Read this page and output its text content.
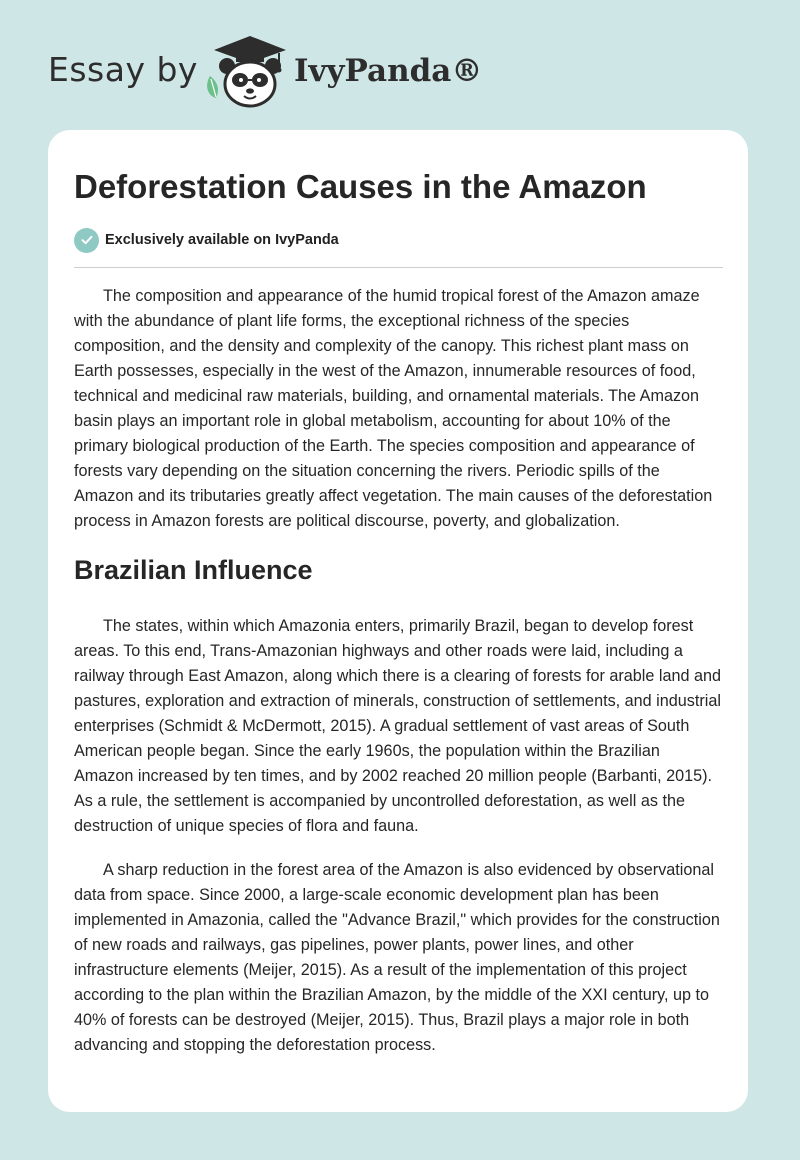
Essay by	IvyPanda®
Deforestation Causes in the Amazon
Exclusively available on IvyPanda

The composition and appearance of the humid tropical forest of the Amazon amaze with the abundance of plant life forms, the exceptional richness of the species composition, and the density and complexity of the canopy. This richest plant mass on Earth possesses, especially in the west of the Amazon, innumerable resources of food, technical and medicinal raw materials, building, and ornamental materials. The Amazon basin plays an important role in global metabolism, accounting for about 10% of the primary biological production of the Earth. The species composition and appearance of forests vary depending on the situation concerning the rivers. Periodic spills of the Amazon and its tributaries greatly affect vegetation. The main causes of the deforestation process in Amazon forests are political discourse, poverty, and globalization.

Brazilian Influence

The states, within which Amazonia enters, primarily Brazil, began to develop forest areas. To this end, Trans-Amazonian highways and other roads were laid, including a railway through East Amazon, along which there is a clearing of forests for arable land and pastures, exploration and extraction of minerals, construction of settlements, and industrial enterprises (Schmidt & McDermott, 2015). A gradual settlement of vast areas of South American people began. Since the early 1960s, the population within the Brazilian Amazon increased by ten times, and by 2002 reached 20 million people (Barbanti, 2015). As a rule, the settlement is accompanied by uncontrolled deforestation, as well as the destruction of unique species of flora and fauna.

A sharp reduction in the forest area of the Amazon is also evidenced by observational data from space. Since 2000, a large-scale economic development plan has been implemented in Amazonia, called the "Advance Brazil," which provides for the construction of new roads and railways, gas pipelines, power plants, power lines, and other infrastructure elements (Meijer, 2015). As a result of the implementation of this project according to the plan within the Brazilian Amazon, by the middle of the XXI century, up to 40% of forests can be destroyed (Meijer, 2015). Thus, Brazil plays a major role in both advancing and stopping the deforestation process.
